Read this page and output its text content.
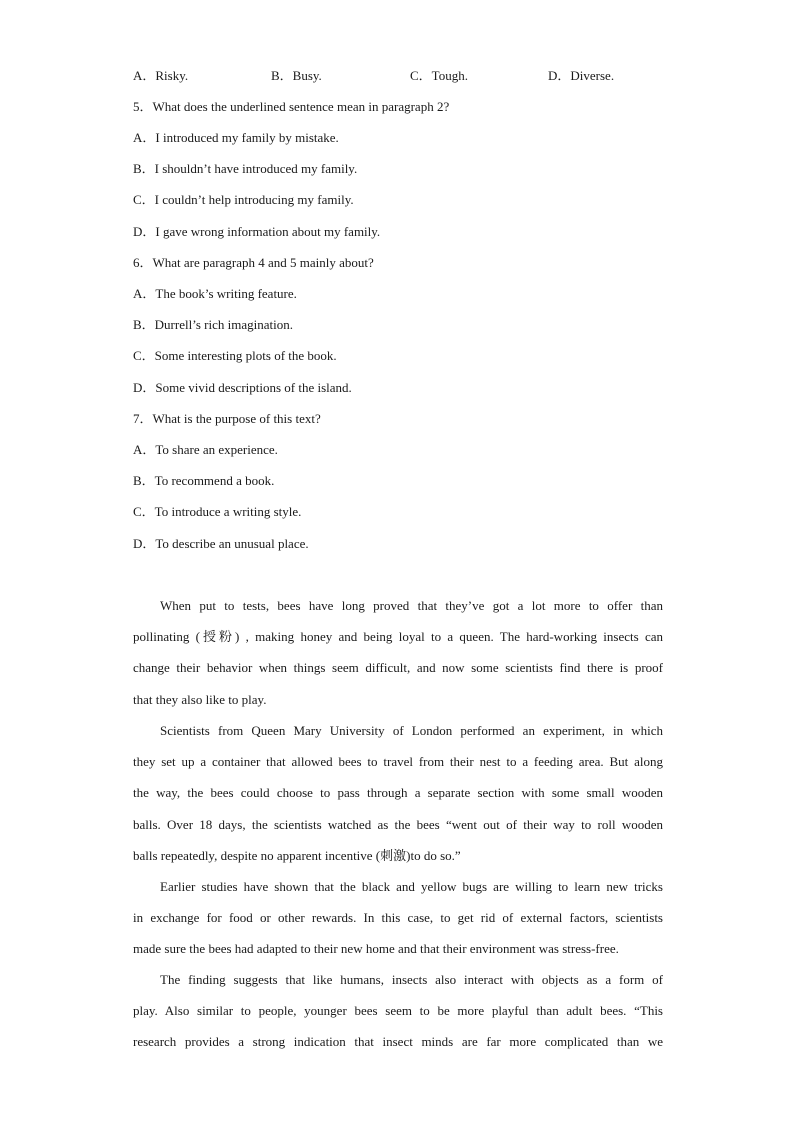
A．Risky.	B．Busy.	C．Tough.	D．Diverse.
5．What does the underlined sentence mean in paragraph 2?
A．I introduced my family by mistake.
B．I shouldn’t have introduced my family.
C．I couldn’t help introducing my family.
D．I gave wrong information about my family.
6．What are paragraph 4 and 5 mainly about?
A．The book’s writing feature.
B．Durrell’s rich imagination.
C．Some interesting plots of the book.
D．Some vivid descriptions of the island.
7．What is the purpose of this text?
A．To share an experience.
B．To recommend a book.
C．To introduce a writing style.
D．To describe an unusual place.
When put to tests, bees have long proved that they’ve got a lot more to offer than
pollinating (授粉) , making honey and being loyal to a queen. The hard-working insects can
change their behavior when things seem difficult, and now some scientists find there is proof
that they also like to play.
Scientists from Queen Mary University of London performed an experiment, in which
they set up a container that allowed bees to travel from their nest to a feeding area. But along
the way, the bees could choose to pass through a separate section with some small wooden
balls. Over 18 days, the scientists watched as the bees “went out of their way to roll wooden
balls repeatedly, despite no apparent incentive (刺激)to do so.”
Earlier studies have shown that the black and yellow bugs are willing to learn new tricks
in exchange for food or other rewards. In this case, to get rid of external factors, scientists
made sure the bees had adapted to their new home and that their environment was stress-free.
The finding suggests that like humans, insects also interact with objects as a form of
play. Also similar to people, younger bees seem to be more playful than adult bees. “This
research provides a strong indication that insect minds are far more complicated than we
